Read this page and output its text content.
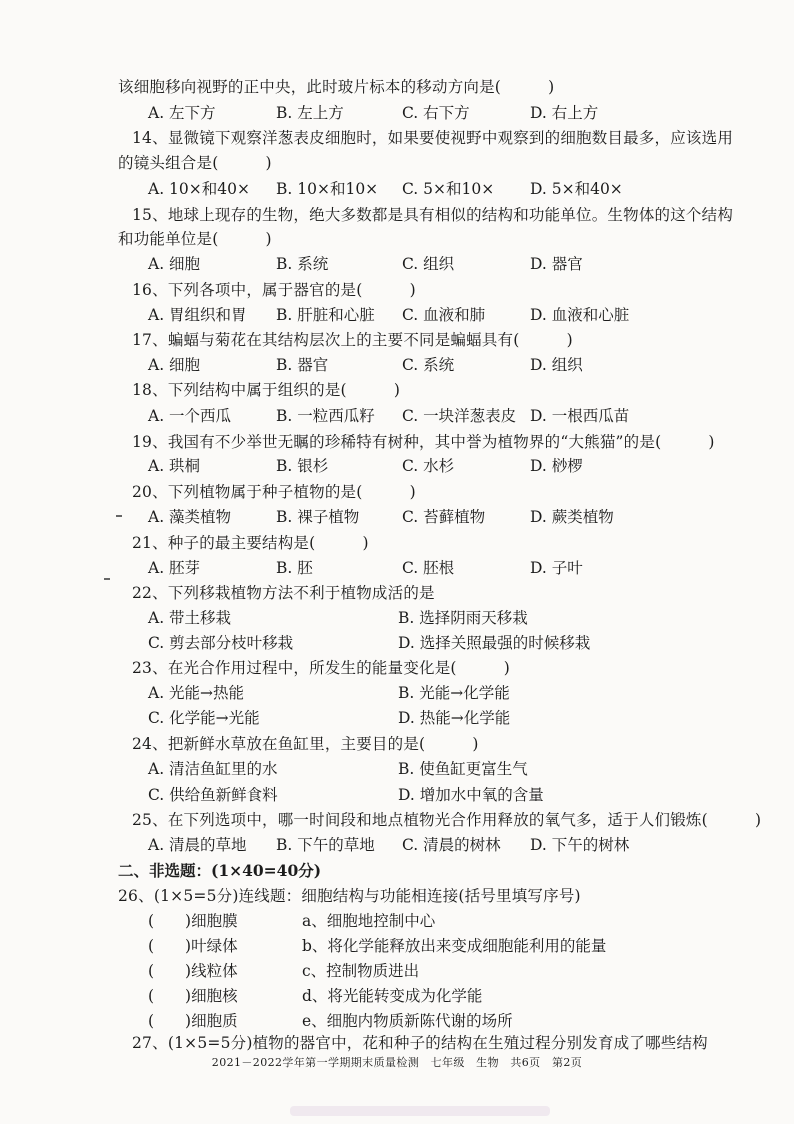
该细胞移向视野的正中央，此时玻片标本的移动方向是(　　　)
A. 左下方	B. 左上方	C. 右下方	D. 右上方
14、显微镜下观察洋葱表皮细胞时，如果要使视野中观察到的细胞数目最多，应该选用
的镜头组合是(　　　)
A. 10×和40× B. 10×和10× C. 5×和10× D. 5×和40×
15、地球上现存的生物，绝大多数都是具有相似的结构和功能单位。生物体的这个结构
和功能单位是(　　　)
A. 细胞	B. 系统	C. 组织	D. 器官
16、下列各项中，属于器官的是(　　　)
A. 胃组织和胃 B. 肝脏和心脏 C. 血液和肺	D. 血液和心脏
17、蝙蝠与菊花在其结构层次上的主要不同是蝙蝠具有(　　　)
A. 细胞	B. 器官	C. 系统	D. 组织
18、下列结构中属于组织的是(　　　)
A. 一个西瓜	B. 一粒西瓜籽 C. 一块洋葱表皮 D. 一根西瓜苗
19、我国有不少举世无瞩的珍稀特有树种，其中誉为植物界的“大熊猫”的是(　　　)
A. 珙桐	B. 银杉	C. 水杉	D. 桫椤
20、下列植物属于种子植物的是(　　　)
A. 藻类植物	B. 裸子植物	C. 苔藓植物	D. 蕨类植物
21、种子的最主要结构是(　　　)
A. 胚芽	B. 胚	C. 胚根	D. 子叶
22、下列移栽植物方法不利于植物成活的是
A. 带土移栽	B. 选择阴雨天移栽
C. 剪去部分枝叶移栽	D. 选择关照最强的时候移栽
23、在光合作用过程中，所发生的能量变化是(　　　)
A. 光能→热能	B. 光能→化学能
C. 化学能→光能	D. 热能→化学能
24、把新鲜水草放在鱼缸里，主要目的是(　　　)
A. 清洁鱼缸里的水	B. 使鱼缸更富生气
C. 供给鱼新鲜食料	D. 增加水中氧的含量
25、在下列选项中，哪一时间段和地点植物光合作用释放的氧气多，适于人们锻炼(　　　)
A. 清晨的草地 B. 下午的草地 C. 清晨的树林 D. 下午的树林
二、非选题：(1×40=40分)
26、(1×5=5分)连线题：细胞结构与功能相连接(括号里填写序号)
(　　)细胞膜	a、细胞地控制中心
(　　)叶绿体	b、将化学能释放出来变成细胞能利用的能量
(　　)线粒体	c、控制物质进出
(　　)细胞核	d、将光能转变成为化学能
(　　)细胞质	e、细胞内物质新陈代谢的场所
27、(1×5=5分)植物的器官中，花和种子的结构在生殖过程分别发育成了哪些结构
2021－2022学年第一学期期末质量检测　七年级　生物　共6页　第2页
